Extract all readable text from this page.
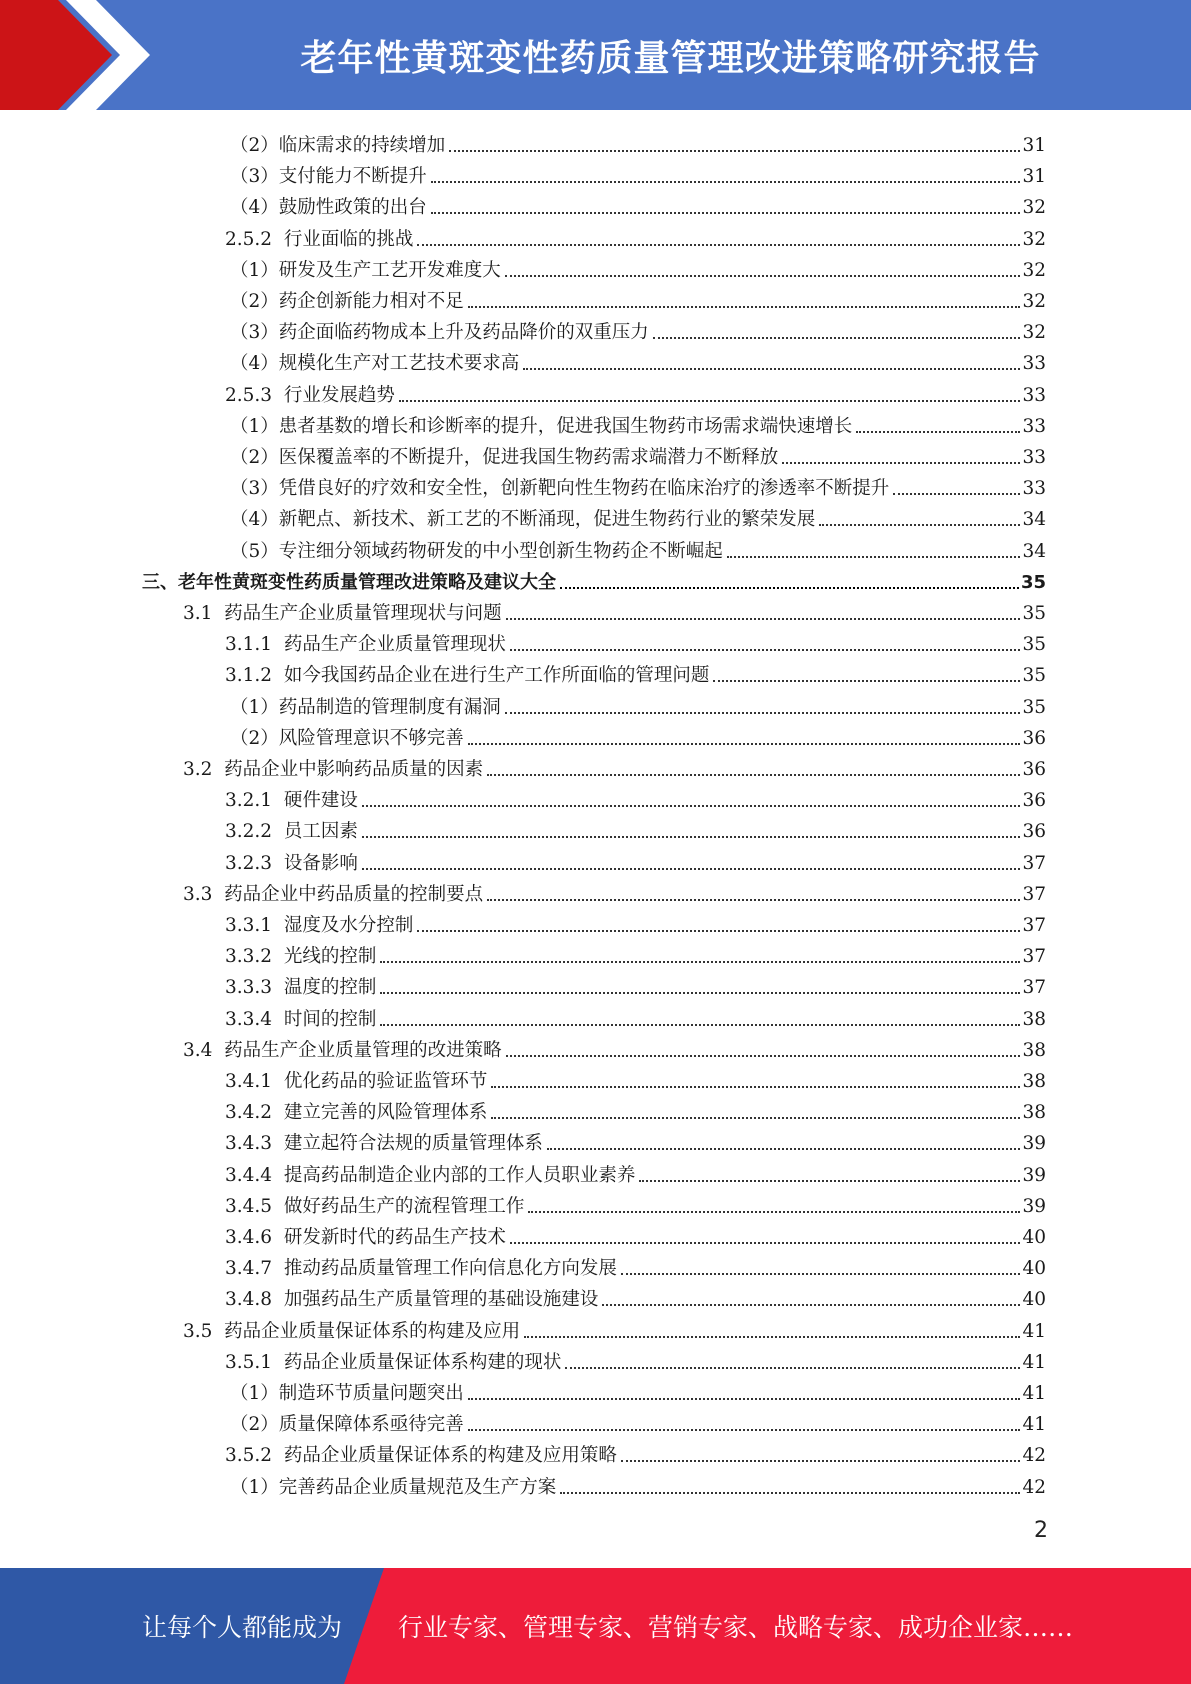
老年性黄斑变性药质量管理改进策略研究报告
（2）临床需求的持续增加	31
（3）支付能力不断提升	31
（4）鼓励性政策的出台	32
2.5.2  行业面临的挑战	32
（1）研发及生产工艺开发难度大	32
（2）药企创新能力相对不足	32
（3）药企面临药物成本上升及药品降价的双重压力	32
（4）规模化生产对工艺技术要求高	33
2.5.3  行业发展趋势	33
（1）患者基数的增长和诊断率的提升，促进我国生物药市场需求端快速增长	33
（2）医保覆盖率的不断提升，促进我国生物药需求端潜力不断释放	33
（3）凭借良好的疗效和安全性，创新靶向性生物药在临床治疗的渗透率不断提升	33
（4）新靶点、新技术、新工艺的不断涌现，促进生物药行业的繁荣发展	34
（5）专注细分领域药物研发的中小型创新生物药企不断崛起	34
三、老年性黄斑变性药质量管理改进策略及建议大全	35
3.1  药品生产企业质量管理现状与问题	35
3.1.1  药品生产企业质量管理现状	35
3.1.2  如今我国药品企业在进行生产工作所面临的管理问题	35
（1）药品制造的管理制度有漏洞	35
（2）风险管理意识不够完善	36
3.2  药品企业中影响药品质量的因素	36
3.2.1  硬件建设	36
3.2.2  员工因素	36
3.2.3  设备影响	37
3.3  药品企业中药品质量的控制要点	37
3.3.1  湿度及水分控制	37
3.3.2  光线的控制	37
3.3.3  温度的控制	37
3.3.4  时间的控制	38
3.4  药品生产企业质量管理的改进策略	38
3.4.1  优化药品的验证监管环节	38
3.4.2  建立完善的风险管理体系	38
3.4.3  建立起符合法规的质量管理体系	39
3.4.4  提高药品制造企业内部的工作人员职业素养	39
3.4.5  做好药品生产的流程管理工作	39
3.4.6  研发新时代的药品生产技术	40
3.4.7  推动药品质量管理工作向信息化方向发展	40
3.4.8  加强药品生产质量管理的基础设施建设	40
3.5  药品企业质量保证体系的构建及应用	41
3.5.1  药品企业质量保证体系构建的现状	41
（1）制造环节质量问题突出	41
（2）质量保障体系亟待完善	41
3.5.2  药品企业质量保证体系的构建及应用策略	42
（1）完善药品企业质量规范及生产方案	42
2
让每个人都能成为 行业专家、管理专家、营销专家、战略专家、成功企业家……
